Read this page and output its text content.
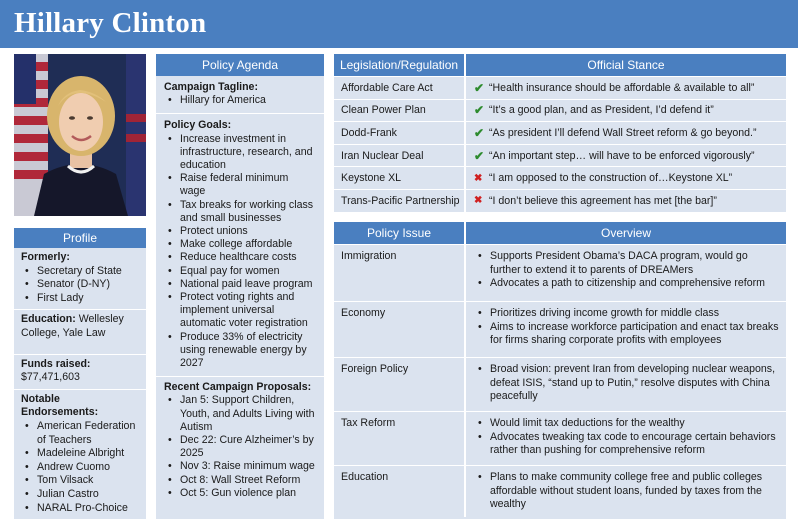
Hillary Clinton
Profile
Formerly:
• Secretary of State
• Senator (D-NY)
• First Lady
Education: Wellesley College, Yale Law
Funds raised:
$77,471,603
Notable Endorsements:
• American Federation of Teachers
• Madeleine Albright
• Andrew Cuomo
• Tom Vilsack
• Julian Castro
• NARAL Pro-Choice
Policy Agenda
Campaign Tagline:
• Hillary for America
Policy Goals:
• Increase investment in infrastructure, research, and education
• Raise federal minimum wage
• Tax breaks for working class and small businesses
• Protect unions
• Make college affordable
• Reduce healthcare costs
• Equal pay for women
• National paid leave program
• Protect voting rights and implement universal automatic voter registration
• Produce 33% of electricity using renewable energy by 2027
Recent Campaign Proposals:
• Jan 5: Support Children, Youth, and Adults Living with Autism
• Dec 22: Cure Alzheimer’s by 2025
• Nov 3: Raise minimum wage
• Oct 8: Wall Street Reform
• Oct 5: Gun violence plan
Legislation/Regulation	Official Stance
Affordable Care Act	✔ “Health insurance should be affordable & available to all”
Clean Power Plan	✔ “It’s a good plan, and as President, I’d defend it”
Dodd-Frank	✔ “As president I’ll defend Wall Street reform & go beyond.”
Iran Nuclear Deal	✔ “An important step… will have to be enforced vigorously”
Keystone XL	✖ “I am opposed to the construction of…Keystone XL”
Trans-Pacific Partnership	✖ “I don’t believe this agreement has met [the bar]”
Policy Issue	Overview
Immigration	• Supports President Obama’s DACA program, would go further to extend it to parents of DREAMers
• Advocates a path to citizenship and comprehensive reform
Economy	• Prioritizes driving income growth for middle class
• Aims to increase workforce participation and enact tax breaks for firms sharing corporate profits with employees
Foreign Policy	• Broad vision: prevent Iran from developing nuclear weapons, defeat ISIS, “stand up to Putin,” resolve disputes with China peacefully
Tax Reform	• Would limit tax deductions for the wealthy
• Advocates tweaking tax code to encourage certain behaviors rather than pushing for comprehensive reform
Education	• Plans to make community college free and public colleges affordable without student loans, funded by taxes from the wealthy
